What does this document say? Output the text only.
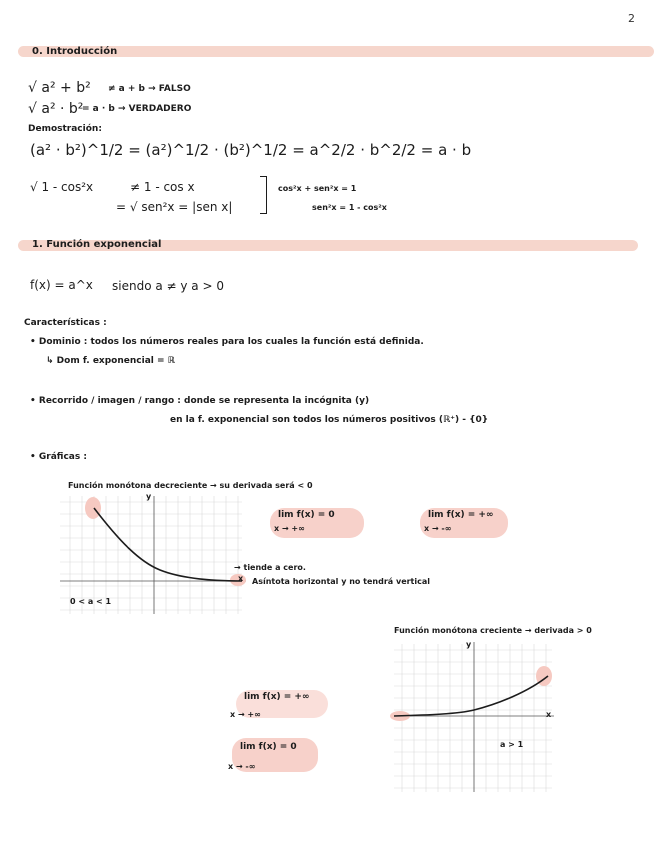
2
0. Introducción
√ a² + b² ≠ a + b → FALSO
√ a² · b²
= a · b → VERDADERO
Demostración:
(a² · b²)^1/2 = (a²)^1/2 · (b²)^1/2 = a^2/2 · b^2/2 = a · b
√ 1 - cos²x	≠ 1 - cos x
= √ sen²x = |sen x|
cos²x + sen²x = 1
sen²x = 1 - cos²x
1. Función exponencial
f(x) = a^x siendo a ≠ y a > 0
Características :
• Dominio : todos los números reales para los cuales la función está definida.
↳ Dom f. exponencial = ℝ
• Recorrido / imagen / rango : donde se representa la incógnita (y)
en la f. exponencial son todos los números positivos (ℝ⁺) - {0}
• Gráficas :
Función monótona decreciente → su derivada será < 0
y
x
0 < a < 1
lim f(x) = 0
x → +∞
lim f(x) = +∞
x → -∞
→ tiende a cero.
Asíntota horizontal y no tendrá vertical
Función monótona creciente → derivada > 0
y
x
a > 1
lim f(x) = +∞
x → +∞
lim f(x) = 0
x → -∞
